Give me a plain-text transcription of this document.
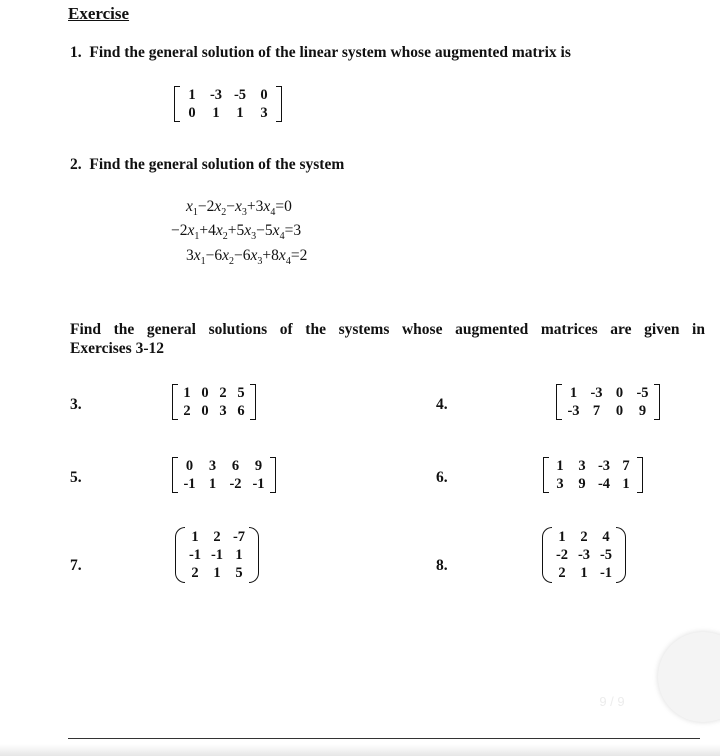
Exercise
1. Find the general solution of the linear system whose augmented matrix is
1 -3 -5 0
0	1	1	3
2. Find the general solution of the system
$x_1-2x_2-x_3+3x_4=0$
$-2x_1+4x_2+5x_3-5x_4=3$
$3x_1-6x_2-6x_3+8x_4=2$
Find the general solutions of the systems whose augmented matrices are given in
Exercises 3-12
3.
1 0 2 5
2 0 3 6	4.
1 -3 0 -5
-3 7	0	9
5.
0	3	6	9
-1 1 -2 -1	6.
1	3 -3 7
3	9 -4 1
7.
1	2 -7
-1 -1 1
2	1	5	8.
1	2	4
-2 -3 -5
2	1 -1
9 / 9
